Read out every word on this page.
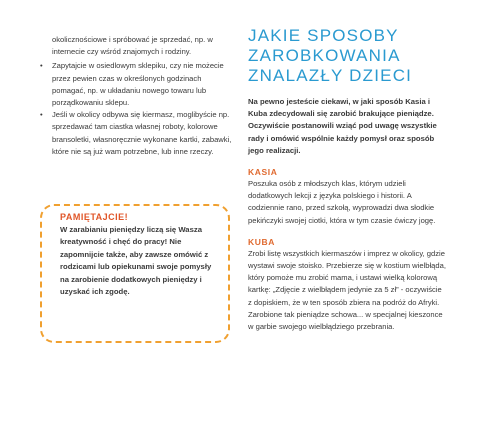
okolicznościowe i spróbować je sprzedać, np. w internecie czy wśród znajomych i rodziny.

• Zapytajcie w osiedlowym sklepiku, czy nie możecie przez pewien czas w określonych godzinach pomagać, np. w układaniu nowego towaru lub porządkowaniu sklepu.
• Jeśli w okolicy odbywa się kiermasz, moglibyście np. sprzedawać tam ciastka własnej roboty, kolorowe bransoletki, własnoręcznie wykonane kartki, zabawki, które nie są już wam potrzebne, lub inne rzeczy.
PAMIĘTAJCIE!
W zarabianiu pieniędzy liczą się Wasza kreatywność i chęć do pracy! Nie zapomnijcie także, aby zawsze omówić z rodzicami lub opiekunami swoje pomysły na zarobienie dodatkowych pieniędzy i uzyskać ich zgodę.
JAKIE SPOSOBY ZAROBKOWANIA ZNALAZŁY DZIECI

Na pewno jesteście ciekawi, w jaki sposób Kasia i Kuba zdecydowali się zarobić brakujące pieniądze. Oczywiście postanowili wziąć pod uwagę wszystkie rady i omówić wspólnie każdy pomysł oraz sposób jego realizacji.

KASIA

Poszuka osób z młodszych klas, którym udzieli dodatkowych lekcji z języka polskiego i historii. A codziennie rano, przed szkołą, wyprowadzi dwa słodkie pekińczyki swojej ciotki, która w tym czasie ćwiczy jogę.

KUBA

Zrobi listę wszystkich kiermaszów i imprez w okolicy, gdzie wystawi swoje stoisko. Przebierze się w kostium wielbłąda, który pomoże mu zrobić mama, i ustawi wielką kolorową kartkę: „Zdjęcie z wielbłądem jedynie za 5 zł” - oczywiście z dopiskiem, że w ten sposób zbiera na podróż do Afryki. Zarobione tak pieniądze schowa... w specjalnej kieszonce w garbie swojego wielbłądziego przebrania.
